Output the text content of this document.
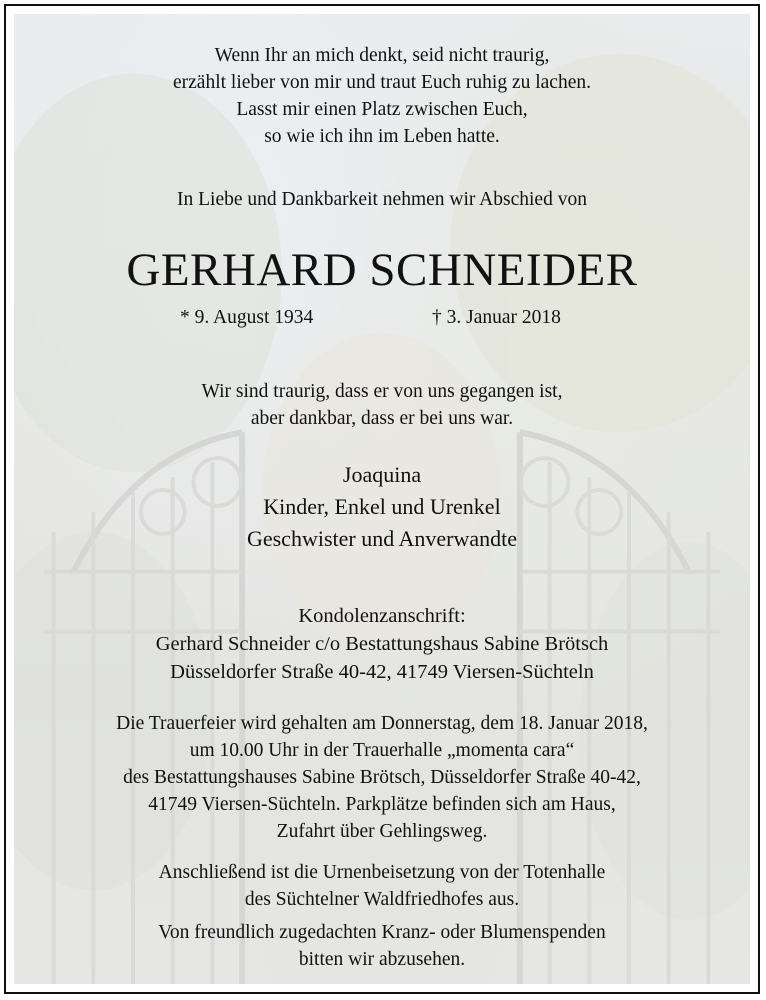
Wenn Ihr an mich denkt, seid nicht traurig,
erzählt lieber von mir und traut Euch ruhig zu lachen.
Lasst mir einen Platz zwischen Euch,
so wie ich ihn im Leben hatte.
In Liebe und Dankbarkeit nehmen wir Abschied von
GERHARD SCHNEIDER
* 9. August 1934	† 3. Januar 2018
Wir sind traurig, dass er von uns gegangen ist,
aber dankbar, dass er bei uns war.
Joaquina
Kinder, Enkel und Urenkel
Geschwister und Anverwandte
Kondolenzanschrift:
Gerhard Schneider c/o Bestattungshaus Sabine Brötsch
Düsseldorfer Straße 40-42, 41749 Viersen-Süchteln
Die Trauerfeier wird gehalten am Donnerstag, dem 18. Januar 2018,
um 10.00 Uhr in der Trauerhalle „momenta cara“
des Bestattungshauses Sabine Brötsch, Düsseldorfer Straße 40-42,
41749 Viersen-Süchteln. Parkplätze befinden sich am Haus,
Zufahrt über Gehlingsweg.
Anschließend ist die Urnenbeisetzung von der Totenhalle
des Süchtelner Waldfriedhofes aus.
Von freundlich zugedachten Kranz- oder Blumenspenden
bitten wir abzusehen.
